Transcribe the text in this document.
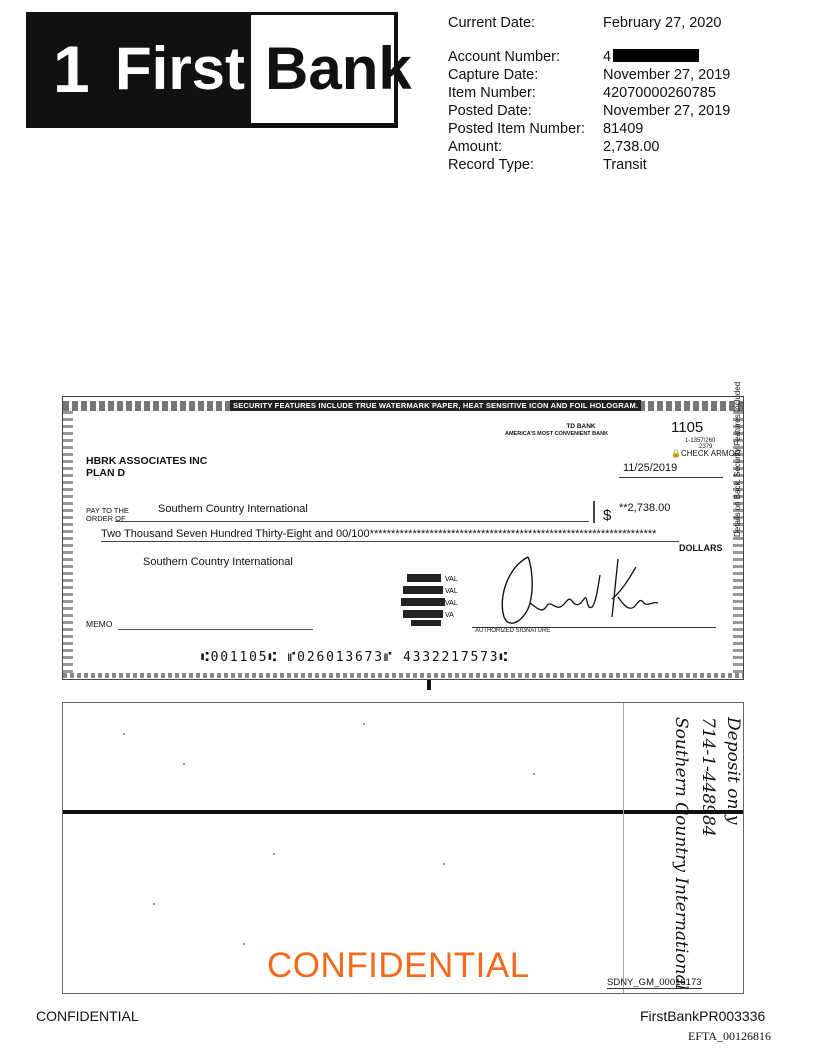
1 First Bank
Current Date:	February 27, 2020
Account Number:	4
Capture Date:	November 27, 2019
Item Number:	42070000260785
Posted Date:	November 27, 2019
Posted Item Number: 81409
Amount:	2,738.00
Record Type:	Transit
SECURITY FEATURES INCLUDE TRUE WATERMARK PAPER, HEAT SENSITIVE ICON AND FOIL HOLOGRAM.
TD BANK
AMERICA'S MOST CONVENIENT BANK	1105
1-1357/260
2379
🔒CHECK ARMOR
HBRK ASSOCIATES INC
PLAN D	11/25/2019
PAY TO THE
ORDER OF
Southern Country International	$ **2,738.00
Two Thousand Seven Hundred Thirty-Eight and 00/100*******************************************************************
DOLLARS
Southern Country International
VAL
VAL
VAL
VA
MEMO
AUTHORIZED SIGNATURE
⑆001105⑆ ⑈026013673⑈ 4332217573⑆
Details on Back. Security Features Included
Deposit only
714-1-448984
Southern Country International
CONFIDENTIAL	SDNY_GM_00016173
CONFIDENTIAL	FirstBankPR003336
EFTA_00126816
